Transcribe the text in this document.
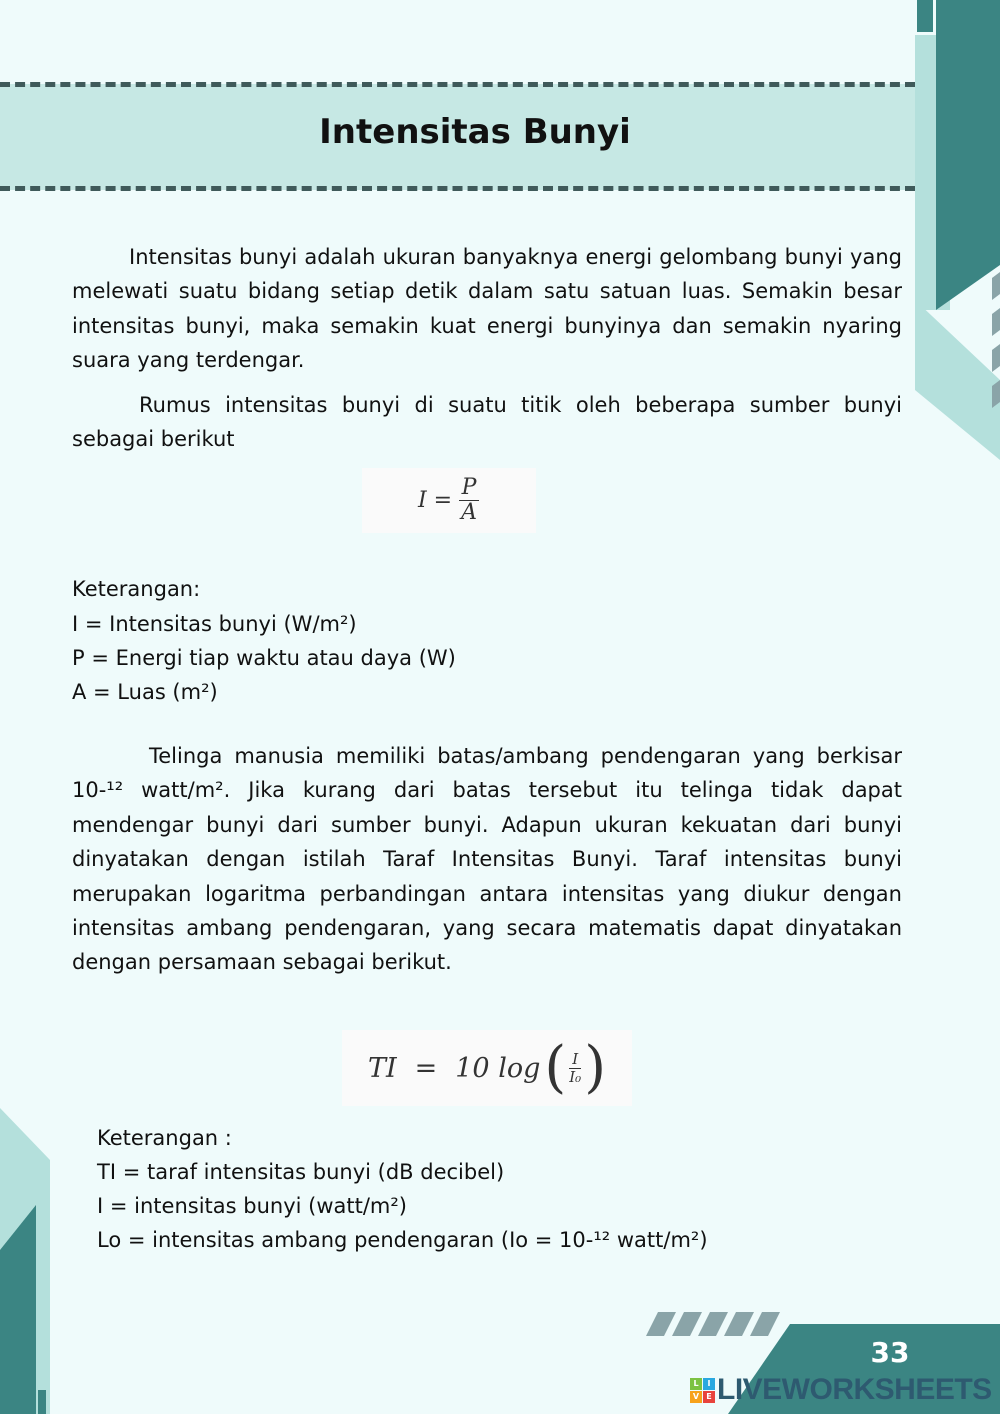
Intensitas Bunyi

Intensitas bunyi adalah ukuran banyaknya energi gelombang bunyi yang melewati suatu bidang setiap detik dalam satu satuan luas. Semakin besar intensitas bunyi, maka semakin kuat energi bunyinya dan semakin nyaring suara yang terdengar.

Rumus intensitas bunyi di suatu titik oleh beberapa sumber bunyi sebagai berikut

$I = \frac{P}{A}$

Keterangan:

I = Intensitas bunyi (W/m²)

P = Energi tiap waktu atau daya (W)

A = Luas (m²)

Telinga manusia memiliki batas/ambang pendengaran yang berkisar 10-¹² watt/m². Jika kurang dari batas tersebut itu telinga tidak dapat mendengar bunyi dari sumber bunyi. Adapun ukuran kekuatan dari bunyi dinyatakan dengan istilah Taraf Intensitas Bunyi. Taraf intensitas bunyi merupakan logaritma perbandingan antara intensitas yang diukur dengan intensitas ambang pendengaran, yang secara matematis dapat dinyatakan dengan persamaan sebagai berikut.

TI = 10 log ( $\frac{I}{\text{I₀}}$ )

Keterangan :

TI = taraf intensitas bunyi (dB decibel)

I = intensitas bunyi (watt/m²)

Lo = intensitas ambang pendengaran (Io = 10-¹² watt/m²)

33
L	I
V E LIVEWORKSHEETS
